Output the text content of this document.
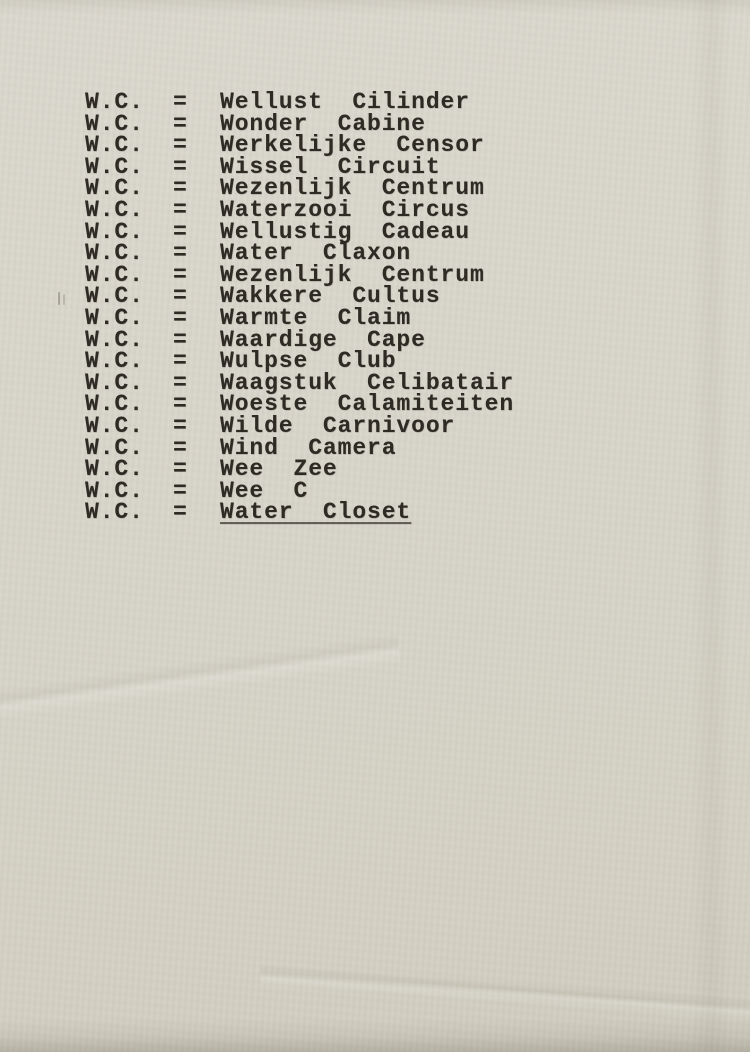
W.C.	=	Wellust  Cilinder
W.C.	=	Wonder  Cabine
W.C.	=	Werkelijke  Censor
W.C.	=	Wissel  Circuit
W.C.	=	Wezenlijk  Centrum
W.C.	=	Waterzooi  Circus
W.C.	=	Wellustig  Cadeau
W.C.	=	Water  Claxon
W.C.	=	Wezenlijk  Centrum
W.C.	=	Wakkere  Cultus
W.C.	=	Warmte  Claim
W.C.	=	Waardige  Cape
W.C.	=	Wulpse  Club
W.C.	=	Waagstuk  Celibatair
W.C.	=	Woeste  Calamiteiten
W.C.	=	Wilde  Carnivoor
W.C.	=	Wind  Camera
W.C.	=	Wee  Zee
W.C.	=	Wee  C
W.C.	=	Water  Closet
